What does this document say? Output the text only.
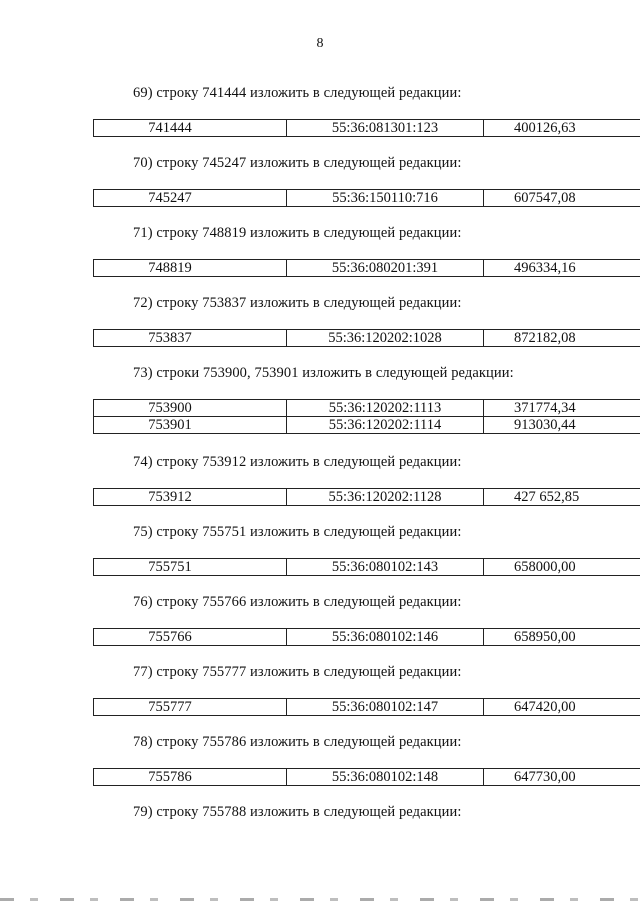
8
69) строку 741444 изложить в следующей редакции:
741444	55:36:081301:123	400126,63
70) строку 745247 изложить в следующей редакции:
745247	55:36:150110:716	607547,08
71) строку 748819 изложить в следующей редакции:
748819	55:36:080201:391	496334,16
72) строку 753837 изложить в следующей редакции:
753837	55:36:120202:1028	872182,08
73) строки 753900, 753901 изложить в следующей редакции:
753900	55:36:120202:1113	371774,34
753901	55:36:120202:1114	913030,44
74) строку 753912 изложить в следующей редакции:
753912	55:36:120202:1128	427 652,85
75) строку 755751 изложить в следующей редакции:
755751	55:36:080102:143	658000,00
76) строку 755766 изложить в следующей редакции:
755766	55:36:080102:146	658950,00
77) строку 755777 изложить в следующей редакции:
755777	55:36:080102:147	647420,00
78) строку 755786 изложить в следующей редакции:
755786	55:36:080102:148	647730,00
79) строку 755788 изложить в следующей редакции:
